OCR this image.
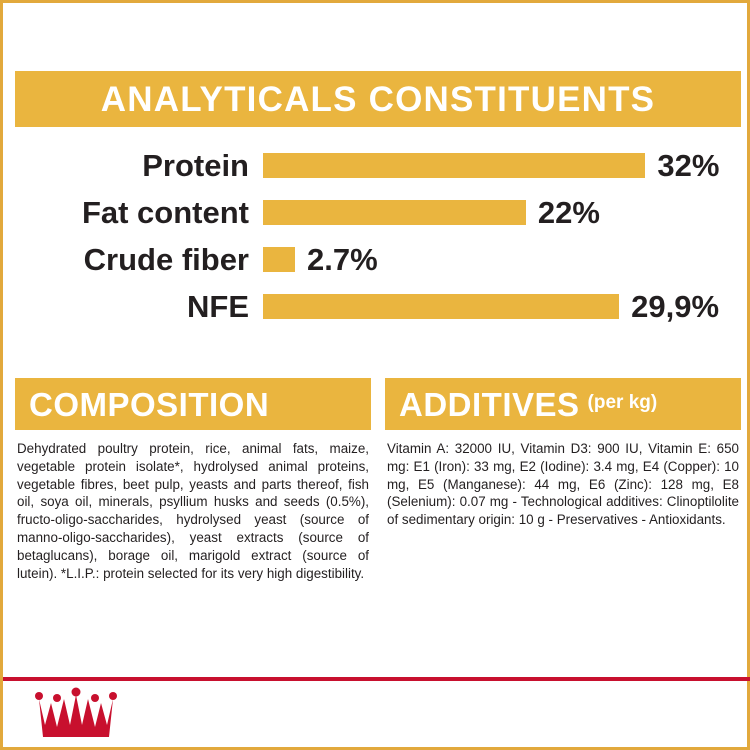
ANALYTICALS CONSTITUENTS
Protein	32%
Fat content	22%
Crude fiber	2.7%
NFE	29,9%
COMPOSITION

Dehydrated poultry protein, rice, animal fats, maize, vegetable protein isolate*, hydrolysed animal proteins, vegetable fibres, beet pulp, yeasts and parts thereof, fish oil, soya oil, minerals, psyllium husks and seeds (0.5%), fructo-oligo-saccharides, hydrolysed yeast (source of manno-oligo-saccharides), yeast extracts (source of betaglucans), borage oil, marigold extract (source of lutein). *L.I.P.: protein selected for its very high digestibility.

ADDITIVES (per kg)

Vitamin A: 32000 IU, Vitamin D3: 900 IU, Vitamin E: 650 mg: E1 (Iron): 33 mg, E2 (Iodine): 3.4 mg, E4 (Copper): 10 mg, E5 (Manganese): 44 mg, E6 (Zinc): 128 mg, E8 (Selenium): 0.07 mg - Technological additives: Clinoptilolite of sedimentary origin: 10 g - Preservatives - Antioxidants.
